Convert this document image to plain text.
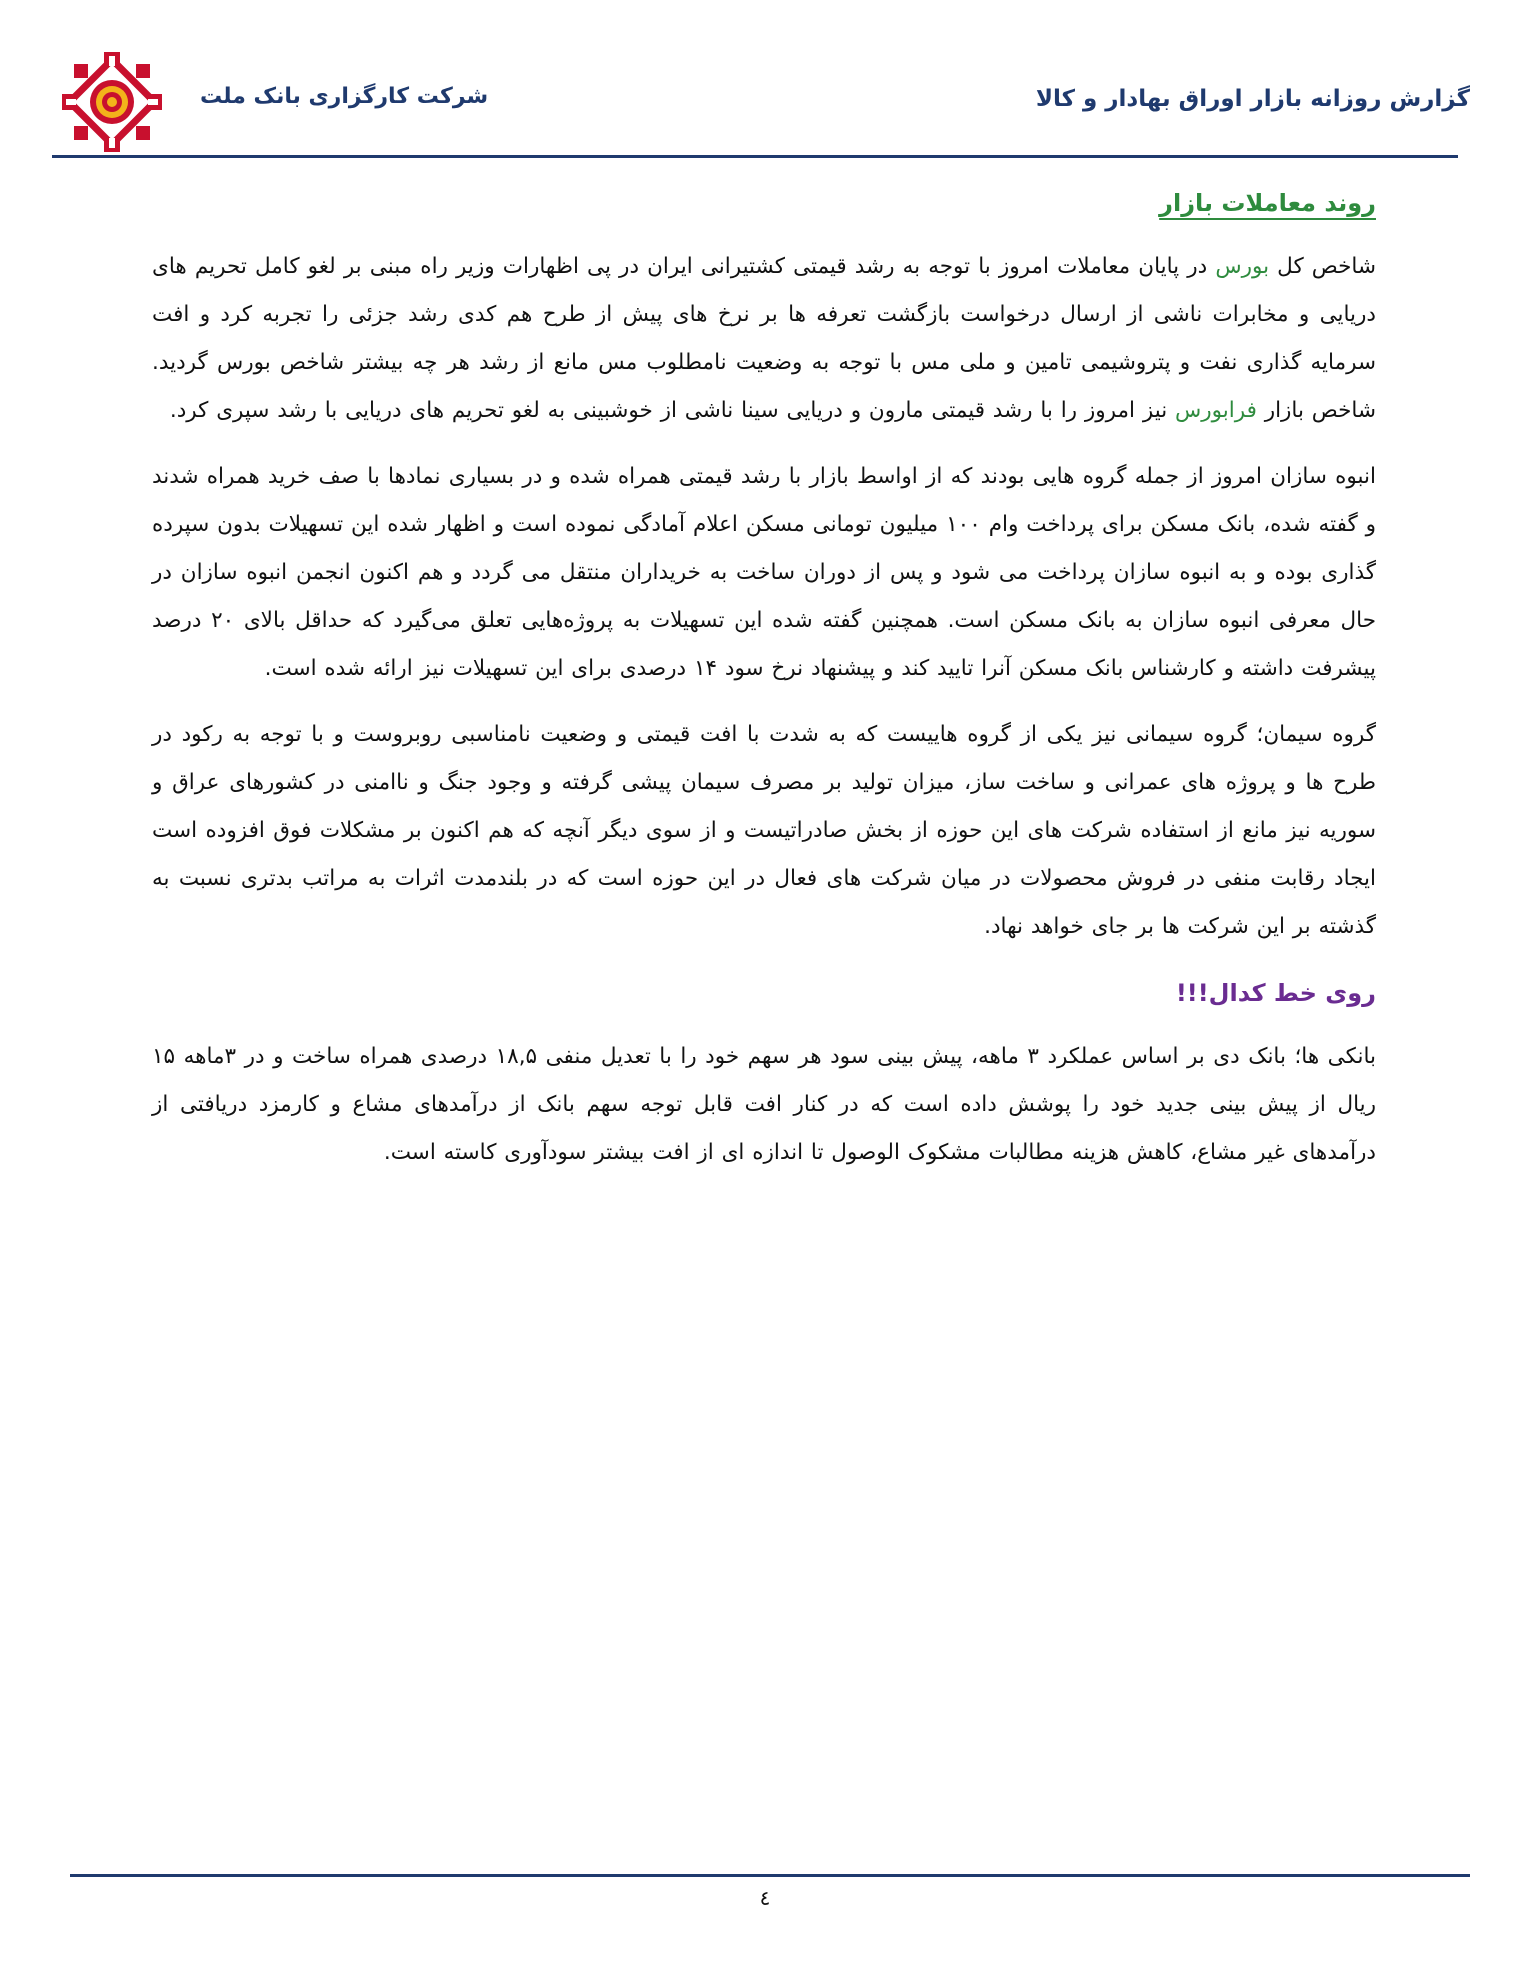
گزارش روزانه بازار اوراق بهادار و کالا
شرکت کارگزاری بانک ملت
روند معاملات بازار

شاخص کل بورس در پایان معاملات امروز با توجه به رشد قیمتی کشتیرانی ایران در پی اظهارات وزیر راه مبنی بر لغو کامل تحریم های دریایی و مخابرات ناشی از ارسال درخواست بازگشت تعرفه ها بر نرخ های پیش از طرح هم کدی رشد جزئی را تجربه کرد و افت سرمایه گذاری نفت و پتروشیمی تامین و ملی مس با توجه به وضعیت نامطلوب مس مانع از رشد هر چه بیشتر شاخص بورس گردید. شاخص بازار فرابورس نیز امروز را با رشد قیمتی مارون و دریایی سینا ناشی از خوشبینی به لغو تحریم های دریایی با رشد سپری کرد.

انبوه سازان امروز از جمله گروه هایی بودند که از اواسط بازار با رشد قیمتی همراه شده و در بسیاری نمادها با صف خرید همراه شدند و گفته شده، بانک مسکن برای پرداخت وام ۱۰۰ میلیون تومانی مسکن اعلام آمادگی نموده است و اظهار شده این تسهیلات بدون سپرده گذاری بوده و به انبوه سازان پرداخت می شود و پس از دوران ساخت به خریداران منتقل می گردد و هم اکنون انجمن انبوه سازان در حال معرفی انبوه سازان به بانک مسکن است. همچنین گفته شده این تسهیلات به پروژه‌هایی تعلق می‌گیرد که حداقل بالای ۲۰ درصد پیشرفت داشته و کارشناس بانک مسکن آنرا تایید کند و پیشنهاد نرخ سود ۱۴ درصدی برای این تسهیلات نیز ارائه شده است.

گروه سیمان؛ گروه سیمانی نیز یکی از گروه هاییست که به شدت با افت قیمتی و وضعیت نامناسبی روبروست و با توجه به رکود در طرح ها و پروژه های عمرانی و ساخت ساز، میزان تولید بر مصرف سیمان پیشی گرفته و وجود جنگ و ناامنی در کشورهای عراق و سوریه نیز مانع از استفاده شرکت های این حوزه از بخش صادراتیست و از سوی دیگر آنچه که هم اکنون بر مشکلات فوق افزوده است ایجاد رقابت منفی در فروش محصولات در میان شرکت های فعال در این حوزه است که در بلندمدت اثرات به مراتب بدتری نسبت به گذشته بر این شرکت ها بر جای خواهد نهاد.

روی خط کدال!!!

بانکی ها؛ بانک دی بر اساس عملکرد ۳ ماهه، پیش بینی سود هر سهم خود را با تعدیل منفی ۱۸,۵ درصدی همراه ساخت و در ۳ماهه ۱۵ ریال از پیش بینی جدید خود را پوشش داده است که در کنار افت قابل توجه سهم بانک از درآمدهای مشاع و کارمزد دریافتی از درآمدهای غیر مشاع، کاهش هزینه مطالبات مشکوک الوصول تا اندازه ای از افت بیشتر سودآوری کاسته است.

٤
